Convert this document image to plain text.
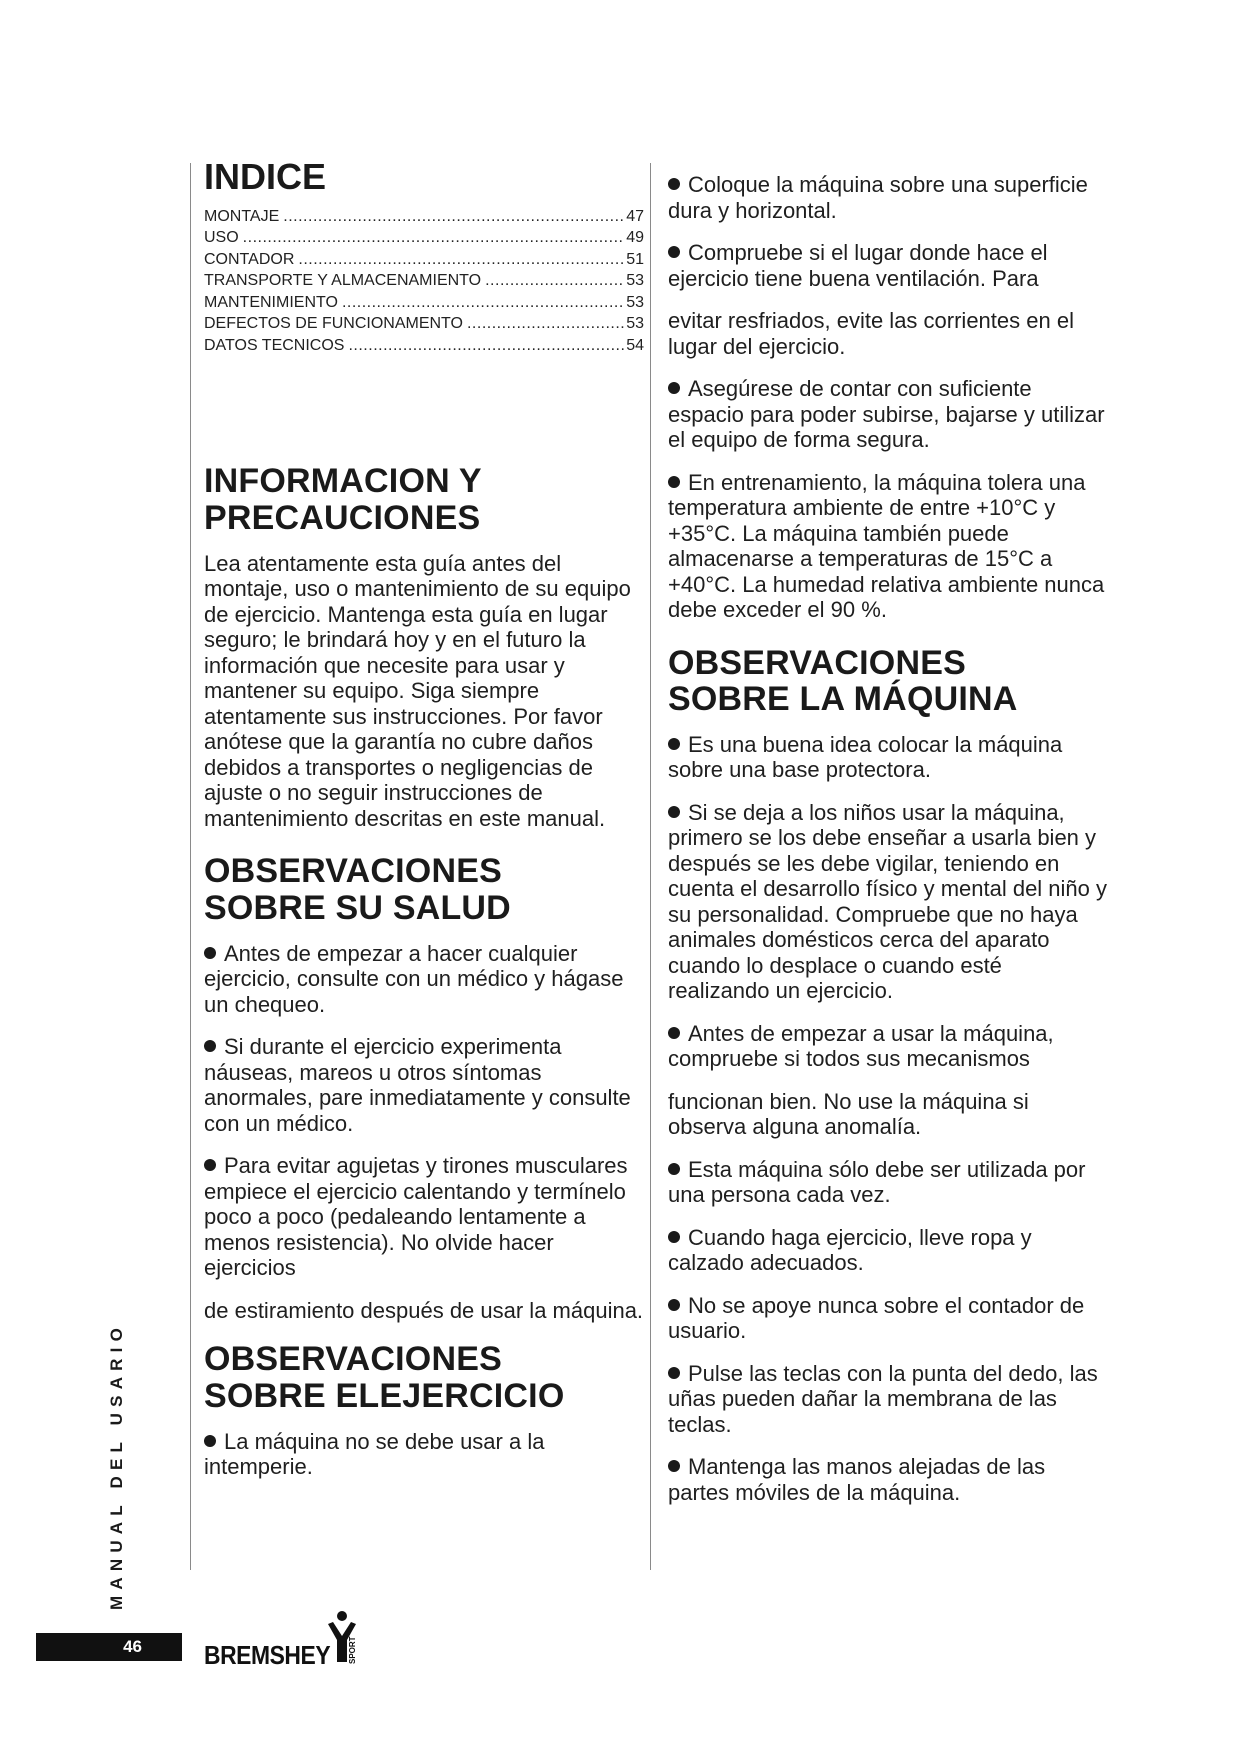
INDICE
MONTAJE .....	47
USO .....	49
CONTADOR .....	51
TRANSPORTE Y ALMACENAMIENTO .....	53
MANTENIMIENTO .....	53
DEFECTOS DE FUNCIONAMENTO .....	53
DATOS TECNICOS .....	54
INFORMACION Y
PRECAUCIONES

Lea atentamente esta guía antes del montaje, uso o mantenimiento de su equipo de ejercicio. Mantenga esta guía en lugar seguro; le brindará hoy y en el futuro la información que necesite para usar y mantener su equipo. Siga siempre atentamente sus instrucciones. Por favor anótese que la garantía no cubre daños debidos a transportes o negligencias de ajuste o no seguir instrucciones de mantenimiento descritas en este manual.

OBSERVACIONES
SOBRE SU SALUD

Antes de empezar a hacer cualquier ejercicio, consulte con un médico y hágase un chequeo.

Si durante el ejercicio experimenta náuseas, mareos u otros síntomas anormales, pare inmediatamente y consulte con un médico.

Para evitar agujetas y tirones musculares empiece el ejercicio calentando y termínelo poco a poco (pedaleando lentamente a menos resistencia). No olvide hacer ejercicios

de estiramiento después de usar la máquina.

OBSERVACIONES
SOBRE ELEJERCICIO

La máquina no se debe usar a la intemperie.

Coloque la máquina sobre una superficie dura y horizontal.

Compruebe si el lugar donde hace el ejercicio tiene buena ventilación. Para

evitar resfriados, evite las corrientes en el lugar del ejercicio.

Asegúrese de contar con suficiente espacio para poder subirse, bajarse y utilizar el equipo de forma segura.

En entrenamiento, la máquina tolera una temperatura ambiente de entre +10°C y +35°C. La máquina también puede almacenarse a temperaturas de 15°C a +40°C. La humedad relativa ambiente nunca debe exceder el 90 %.

OBSERVACIONES
SOBRE LA MÁQUINA

Es una buena idea colocar la máquina sobre una base protectora.

Si se deja a los niños usar la máquina, primero se los debe enseñar a usarla bien y después se les debe vigilar, teniendo en cuenta el desarrollo físico y mental del niño y su personalidad. Compruebe que no haya animales domésticos cerca del aparato cuando lo desplace o cuando esté realizando un ejercicio.

Antes de empezar a usar la máquina, compruebe si todos sus mecanismos

funcionan bien. No use la máquina si observa alguna anomalía.

Esta máquina sólo debe ser utilizada por una persona cada vez.

Cuando haga ejercicio, lleve ropa y calzado adecuados.

No se apoye nunca sobre el contador de usuario.

Pulse las teclas con la punta del dedo, las uñas pueden dañar la membrana de las teclas.

Mantenga las manos alejadas de las partes móviles de la máquina.

MANUAL DEL USARIO
46	BREMSHEY SPORT
